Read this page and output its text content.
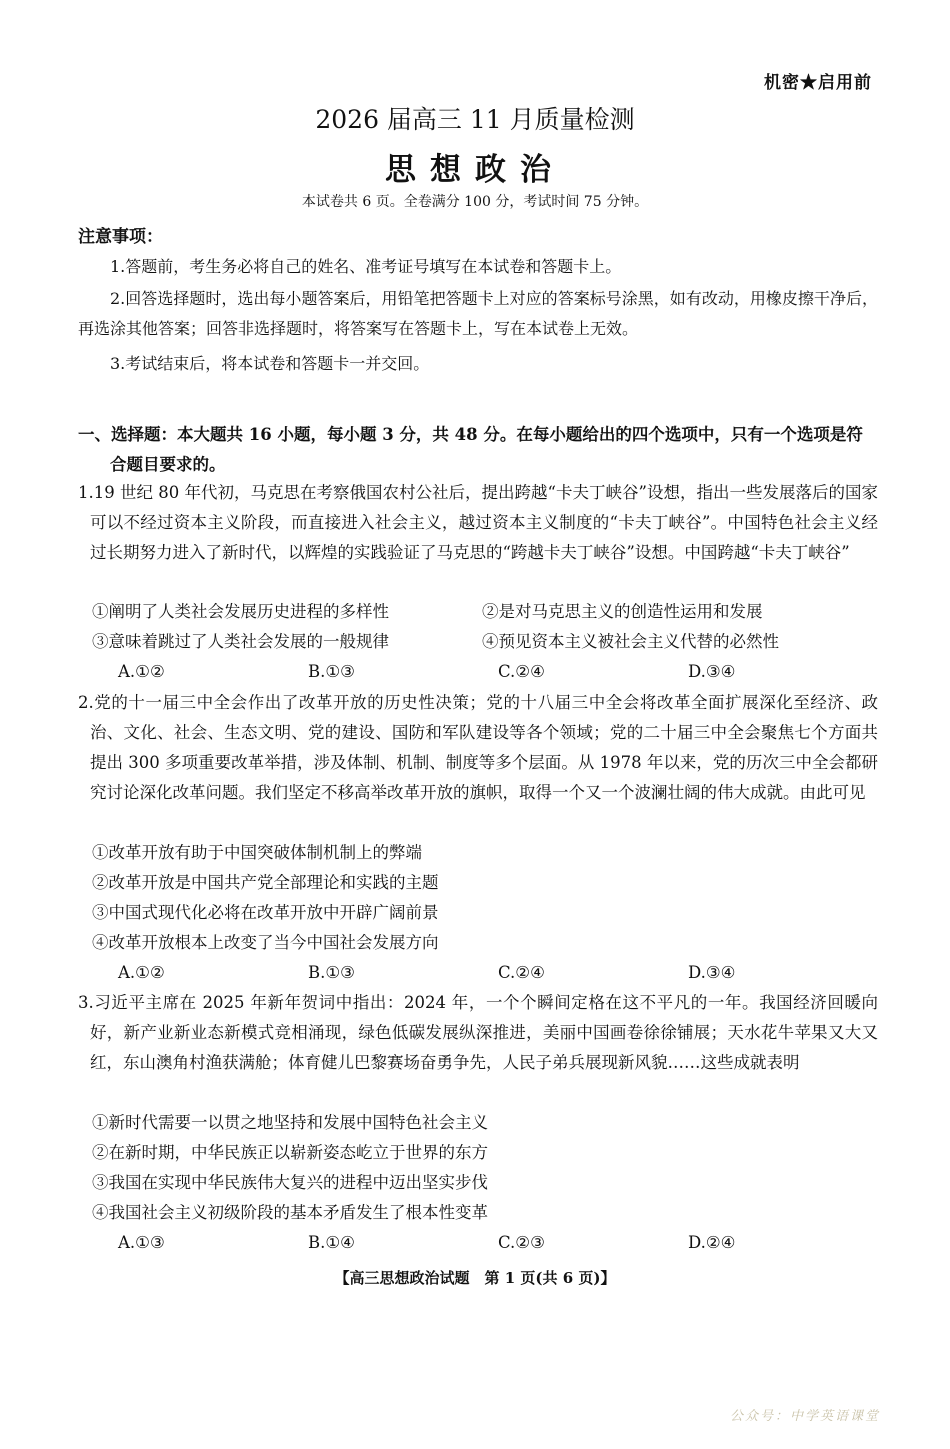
机密★启用前
2026 届高三 11 月质量检测
思想政治
本试卷共 6 页。全卷满分 100 分，考试时间 75 分钟。
注意事项：
1.答题前，考生务必将自己的姓名、准考证号填写在本试卷和答题卡上。
2.回答选择题时，选出每小题答案后，用铅笔把答题卡上对应的答案标号涂黑，如有改动，用橡皮擦干净后，再选涂其他答案；回答非选择题时，将答案写在答题卡上，写在本试卷上无效。
3.考试结束后，将本试卷和答题卡一并交回。
一、选择题：本大题共 16 小题，每小题 3 分，共 48 分。在每小题给出的四个选项中，只有一个选项是符合题目要求的。
1.19 世纪 80 年代初，马克思在考察俄国农村公社后，提出跨越“卡夫丁峡谷”设想，指出一些发展落后的国家可以不经过资本主义阶段，而直接进入社会主义，越过资本主义制度的“卡夫丁峡谷”。中国特色社会主义经过长期努力进入了新时代，以辉煌的实践验证了马克思的“跨越卡夫丁峡谷”设想。中国跨越“卡夫丁峡谷”
①阐明了人类社会发展历史进程的多样性	②是对马克思主义的创造性运用和发展
③意味着跳过了人类社会发展的一般规律	④预见资本主义被社会主义代替的必然性
A.①②	B.①③	C.②④	D.③④
2.党的十一届三中全会作出了改革开放的历史性决策；党的十八届三中全会将改革全面扩展深化至经济、政治、文化、社会、生态文明、党的建设、国防和军队建设等各个领域；党的二十届三中全会聚焦七个方面共提出 300 多项重要改革举措，涉及体制、机制、制度等多个层面。从 1978 年以来，党的历次三中全会都研究讨论深化改革问题。我们坚定不移高举改革开放的旗帜，取得一个又一个波澜壮阔的伟大成就。由此可见
①改革开放有助于中国突破体制机制上的弊端
②改革开放是中国共产党全部理论和实践的主题
③中国式现代化必将在改革开放中开辟广阔前景
④改革开放根本上改变了当今中国社会发展方向
A.①②	B.①③	C.②④	D.③④
3.习近平主席在 2025 年新年贺词中指出：2024 年，一个个瞬间定格在这不平凡的一年。我国经济回暖向好，新产业新业态新模式竞相涌现，绿色低碳发展纵深推进，美丽中国画卷徐徐铺展；天水花牛苹果又大又红，东山澳角村渔获满舱；体育健儿巴黎赛场奋勇争先，人民子弟兵展现新风貌……这些成就表明
①新时代需要一以贯之地坚持和发展中国特色社会主义
②在新时期，中华民族正以崭新姿态屹立于世界的东方
③我国在实现中华民族伟大复兴的进程中迈出坚实步伐
④我国社会主义初级阶段的基本矛盾发生了根本性变革
A.①③	B.①④	C.②③	D.②④
【高三思想政治试题　第 1 页(共 6 页)】
公众号：中学英语课堂
